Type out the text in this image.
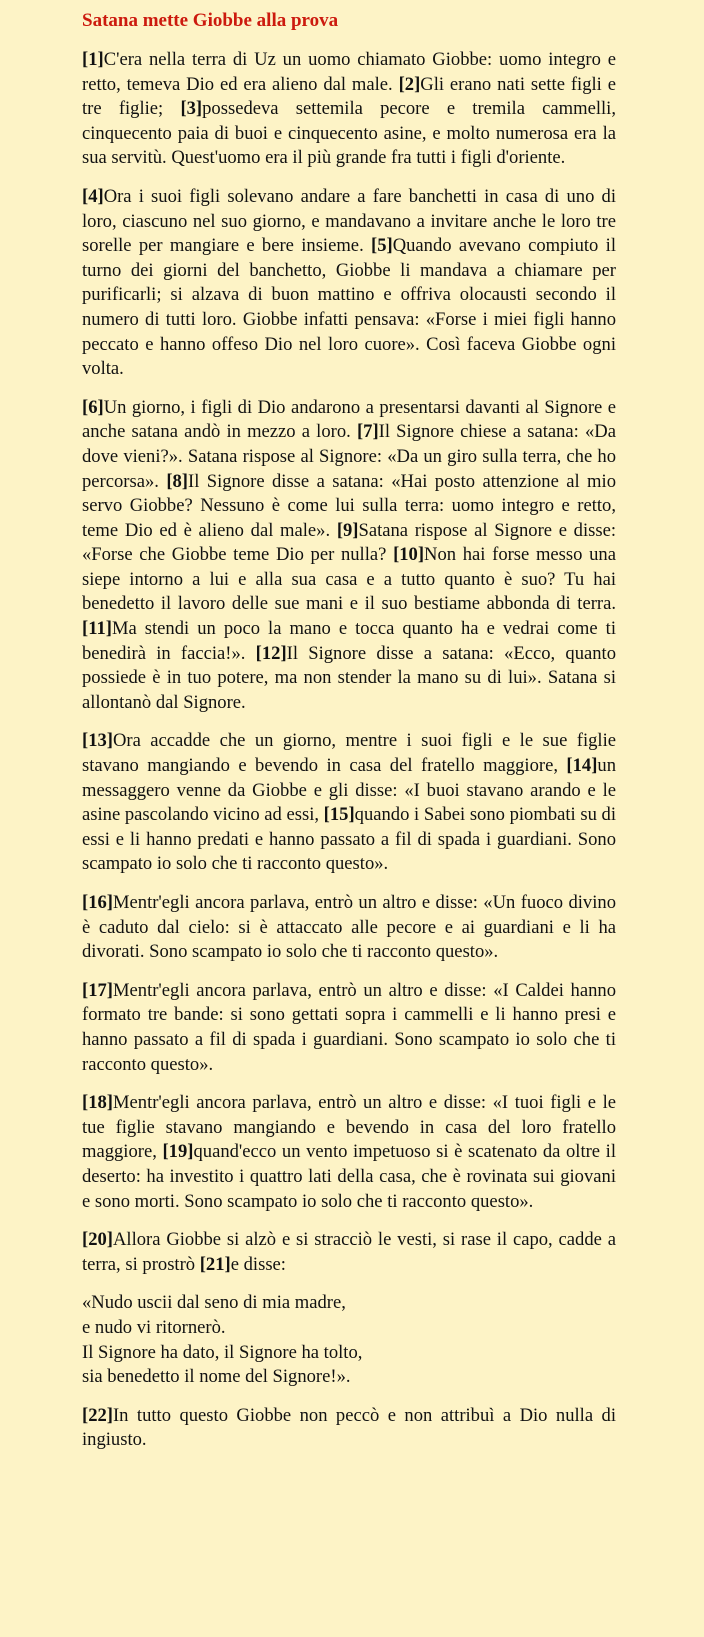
Satana mette Giobbe alla prova

[1]C'era nella terra di Uz un uomo chiamato Giobbe: uomo integro e retto, temeva Dio ed era alieno dal male. [2]Gli erano nati sette figli e tre figlie; [3]possedeva settemila pecore e tremila cammelli, cinquecento paia di buoi e cinquecento asine, e molto numerosa era la sua servitù. Quest'uomo era il più grande fra tutti i figli d'oriente.

[4]Ora i suoi figli solevano andare a fare banchetti in casa di uno di loro, ciascuno nel suo giorno, e mandavano a invitare anche le loro tre sorelle per mangiare e bere insieme. [5]Quando avevano compiuto il turno dei giorni del banchetto, Giobbe li mandava a chiamare per purificarli; si alzava di buon mattino e offriva olocausti secondo il numero di tutti loro. Giobbe infatti pensava: «Forse i miei figli hanno peccato e hanno offeso Dio nel loro cuore». Così faceva Giobbe ogni volta.

[6]Un giorno, i figli di Dio andarono a presentarsi davanti al Signore e anche satana andò in mezzo a loro. [7]Il Signore chiese a satana: «Da dove vieni?». Satana rispose al Signore: «Da un giro sulla terra, che ho percorsa». [8]Il Signore disse a satana: «Hai posto attenzione al mio servo Giobbe? Nessuno è come lui sulla terra: uomo integro e retto, teme Dio ed è alieno dal male». [9]Satana rispose al Signore e disse: «Forse che Giobbe teme Dio per nulla? [10]Non hai forse messo una siepe intorno a lui e alla sua casa e a tutto quanto è suo? Tu hai benedetto il lavoro delle sue mani e il suo bestiame abbonda di terra. [11]Ma stendi un poco la mano e tocca quanto ha e vedrai come ti benedirà in faccia!». [12]Il Signore disse a satana: «Ecco, quanto possiede è in tuo potere, ma non stender la mano su di lui». Satana si allontanò dal Signore.

[13]Ora accadde che un giorno, mentre i suoi figli e le sue figlie stavano mangiando e bevendo in casa del fratello maggiore, [14]un messaggero venne da Giobbe e gli disse: «I buoi stavano arando e le asine pascolando vicino ad essi, [15]quando i Sabei sono piombati su di essi e li hanno predati e hanno passato a fil di spada i guardiani. Sono scampato io solo che ti racconto questo».

[16]Mentr'egli ancora parlava, entrò un altro e disse: «Un fuoco divino è caduto dal cielo: si è attaccato alle pecore e ai guardiani e li ha divorati. Sono scampato io solo che ti racconto questo».

[17]Mentr'egli ancora parlava, entrò un altro e disse: «I Caldei hanno formato tre bande: si sono gettati sopra i cammelli e li hanno presi e hanno passato a fil di spada i guardiani. Sono scampato io solo che ti racconto questo».

[18]Mentr'egli ancora parlava, entrò un altro e disse: «I tuoi figli e le tue figlie stavano mangiando e bevendo in casa del loro fratello maggiore, [19]quand'ecco un vento impetuoso si è scatenato da oltre il deserto: ha investito i quattro lati della casa, che è rovinata sui giovani e sono morti. Sono scampato io solo che ti racconto questo».

[20]Allora Giobbe si alzò e si stracciò le vesti, si rase il capo, cadde a terra, si prostrò [21]e disse:

«Nudo uscii dal seno di mia madre,
e nudo vi ritornerò.
Il Signore ha dato, il Signore ha tolto,
sia benedetto il nome del Signore!».

[22]In tutto questo Giobbe non peccò e non attribuì a Dio nulla di ingiusto.
